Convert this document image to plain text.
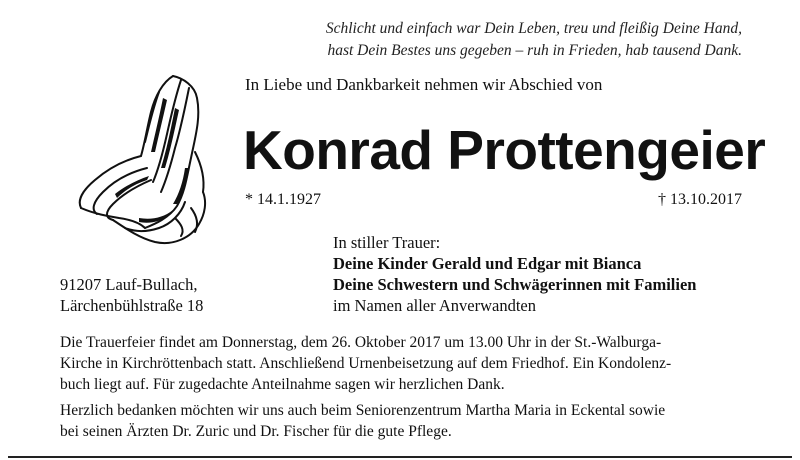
Schlicht und einfach war Dein Leben, treu und fleißig Deine Hand,
hast Dein Bestes uns gegeben – ruh in Frieden, hab tausend Dank.
In Liebe und Dankbarkeit nehmen wir Abschied von
Konrad Prottengeier
* 14.1.1927	† 13.10.2017
91207 Lauf-Bullach,
Lärchenbühlstraße 18
In stiller Trauer:
Deine Kinder Gerald und Edgar mit Bianca
Deine Schwestern und Schwägerinnen mit Familien
im Namen aller Anverwandten
Die Trauerfeier findet am Donnerstag, dem 26. Oktober 2017 um 13.00 Uhr in der St.-Walburga-
Kirche in Kirchröttenbach statt. Anschließend Urnenbeisetzung auf dem Friedhof. Ein Kondolenz-
buch liegt auf. Für zugedachte Anteilnahme sagen wir herzlichen Dank.
Herzlich bedanken möchten wir uns auch beim Seniorenzentrum Martha Maria in Eckental sowie
bei seinen Ärzten Dr. Zuric und Dr. Fischer für die gute Pflege.
